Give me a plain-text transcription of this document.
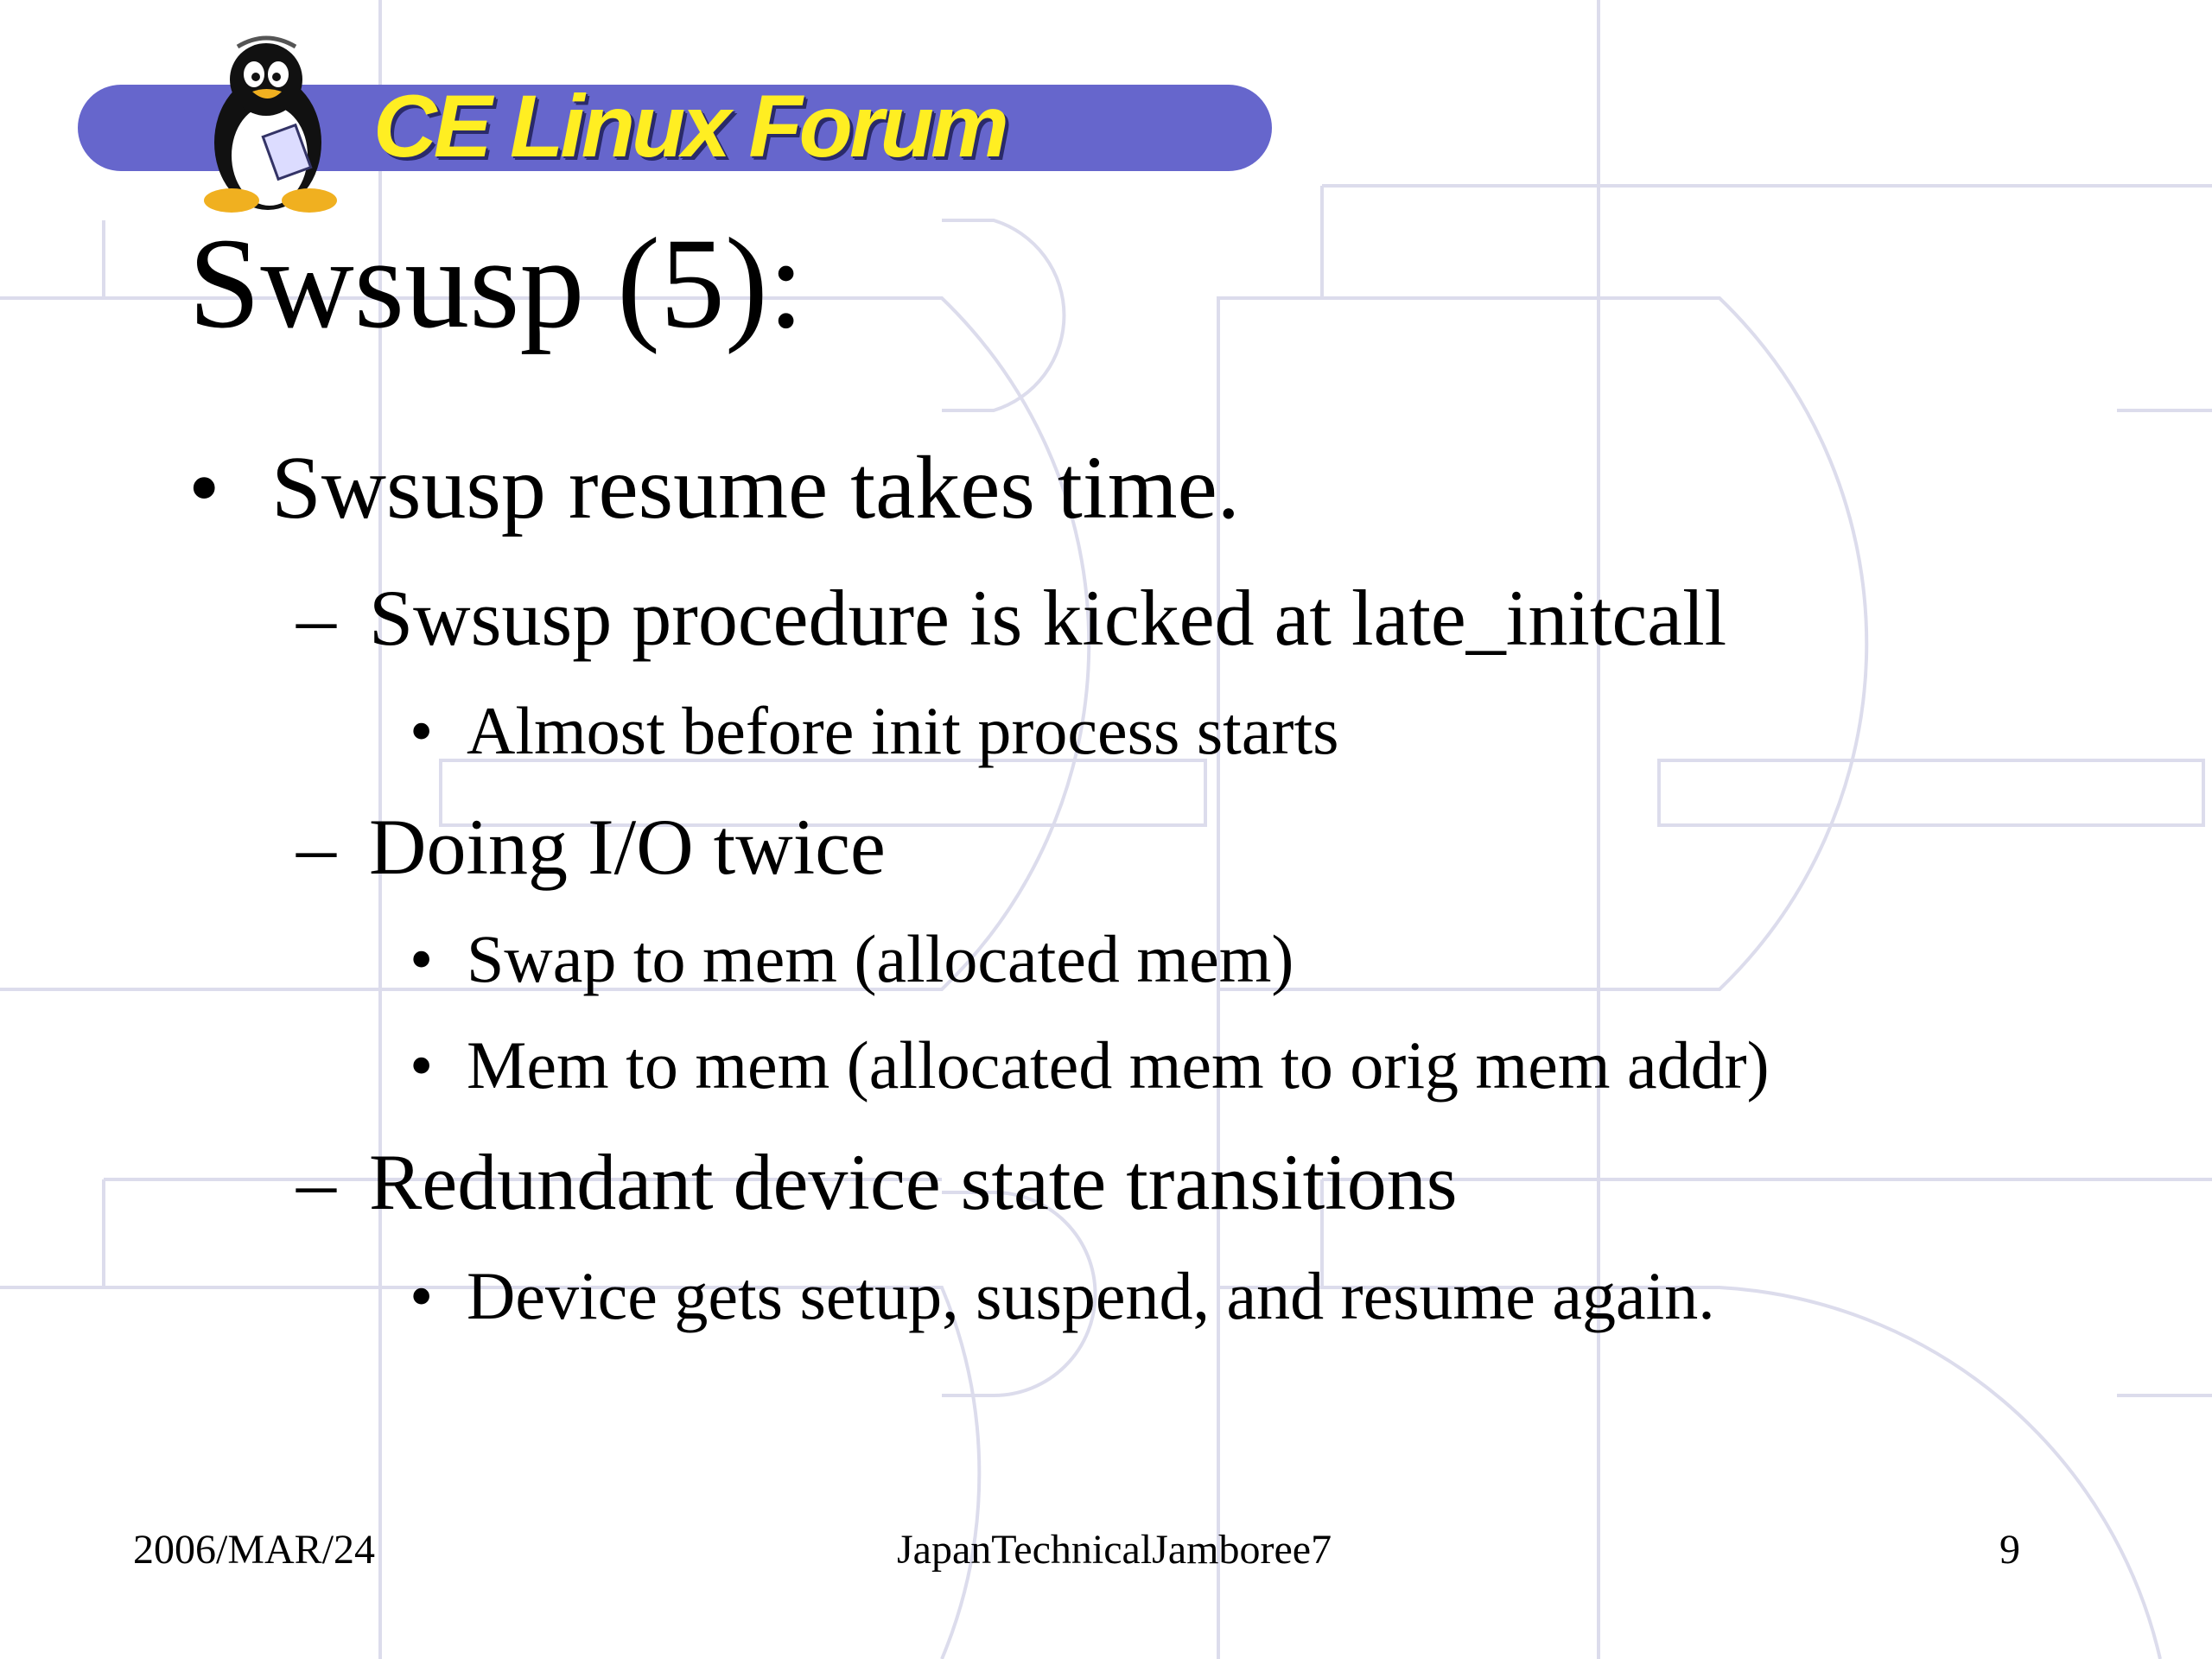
CE Linux Forum
Swsusp (5):
• Swsusp resume takes time.
– Swsusp procedure is kicked at late_initcall
• Almost before init process starts
– Doing I/O twice
• Swap to mem (allocated mem)
• Mem to mem (allocated mem to orig mem addr)
– Redundant device state transitions
• Device gets setup, suspend, and resume again.
2006/MAR/24	JapanTechnicalJamboree7	9
